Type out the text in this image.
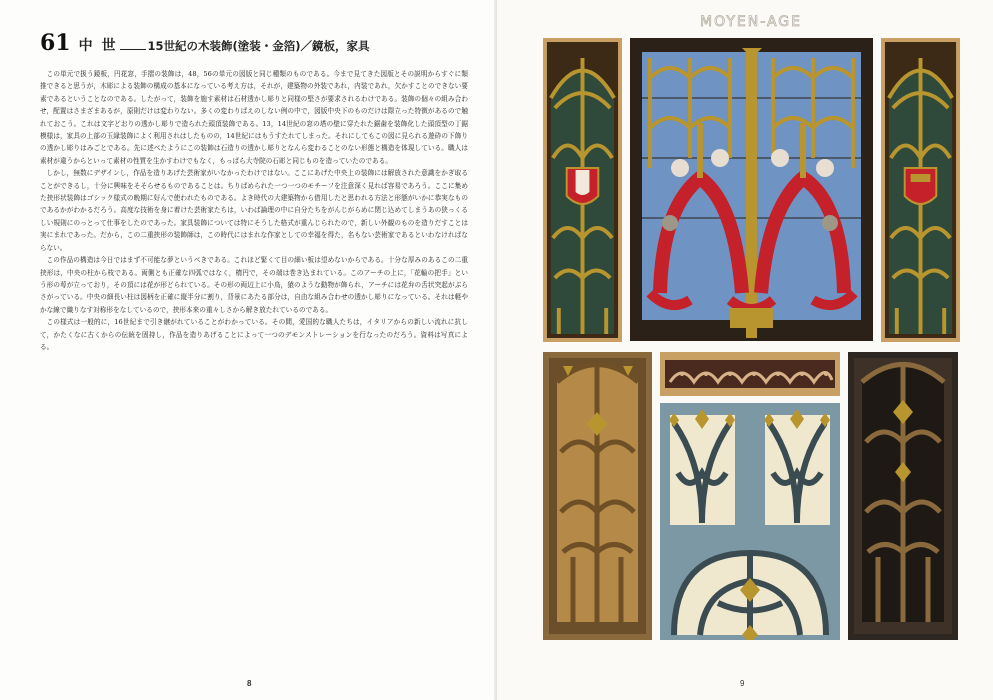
61 中 世	15世紀の木装飾(塗装・金箔)／鏡板，家具

この単元で扱う鏡板，円花窓，手摺の装飾は，48，56の単元の図版と同じ種類のものである。今まで見てきた図版とその説明からすぐに類推できると思うが，木彫による装飾の構成の基本になっている考え方は，それが，建築物の外装であれ，内装であれ，欠かすことのできない要素であるということなのである。したがって，装飾を施す素材は石材透かし彫りと同様の堅さが要求されるわけである。装飾の個々の組み合わせ，配置はさまざまあるが，原則だけは変わりない。多くの変わりばえのしない例の中で，図版中央下のものだけは際立った特徴があるので触れておこう。これは文字どおりの透かし彫りで造られた頭頂装飾である。13，14世紀の窓の塔の壁に穿たれた鋸歯を装飾化した頭頂型の丁鋸模様は，家具の上部の玉縁装飾によく利用されはしたものの，14世紀にはもうすたれてしまった。それにしてもこの図に見られる遊砕の下飾りの透かし彫りはみごとである。先に述べたようにこの装飾は石造りの透かし彫りとなんら変わることのない形態と構造を体現している。職人は素材が違うからといって素材の性質を生かすわけでもなく，もっぱら大寺院の石彫と同じものを造っていたのである。

しかし，無数にデザインし，作品を造りあげた芸術家がいなかったわけではない。ここにあげた中央上の装飾には解放された意識をかぎ取ることができるし，十分に興味をそそらせるものであることは。ちりばめられた一つ一つのモチーフを注意深く見れば容易であろう。ここに集めた挟形状装飾はゴシック様式の晩期に好んで使われたものである。よき時代の大建築物から借用したと思われる方法と形態がいかに恭実なものであるかがわかるだろう。高度な技術を身に着けた芸術家たちは，いわば論理の中に自分たちをがんじがらめに閉じ込めてしまうあの狭っくるしい規則にのっとって仕事をしたのであった。家具装飾については特にそうした格式が重んじられたので，新しい外観のものを造りだすことは実にまれであった。だから，この二重挟形の装飾師は，この時代にはまれな作家としての幸福を得た，名もない芸術家であるといわなければならない。

この作品の構造は今日ではまず不可能な夢というべきである。これほど緊くて目の細い板は望めないからである。十分な厚みのあるこの二重挟形は，中央の柱から枝である。両側とも正確な四弧ではなく，楕円で，その端は巻き込まれている。このアーチの上に，「花輪の把手」という形の萼が立っており，その頂には花が形どられている。その形の両辺上に小鳥，猿のような動物が飾られ，アーチには花弁の舌状突起がぶらさがっている。中央の細長い柱は図柄を正確に縦半分に割り，背景にあたる部分は，自由な組み合わせの透かし彫りになっている。それは軽やかな線で織りなす対称形をなしているので，挟形本来の重々しさから解き放たれているのである。

この様式は一般的に，16世紀まで引き継がれていることがわかっている。その間，愛国的な職人たちは，イタリアからの新しい流れに抗して，かたくなに古くからの伝統を固持し，作品を造りあげることによって一つのデモンストレーションを行なったのだろう。資料は写真による。

8
MOYEN-AGE
9
